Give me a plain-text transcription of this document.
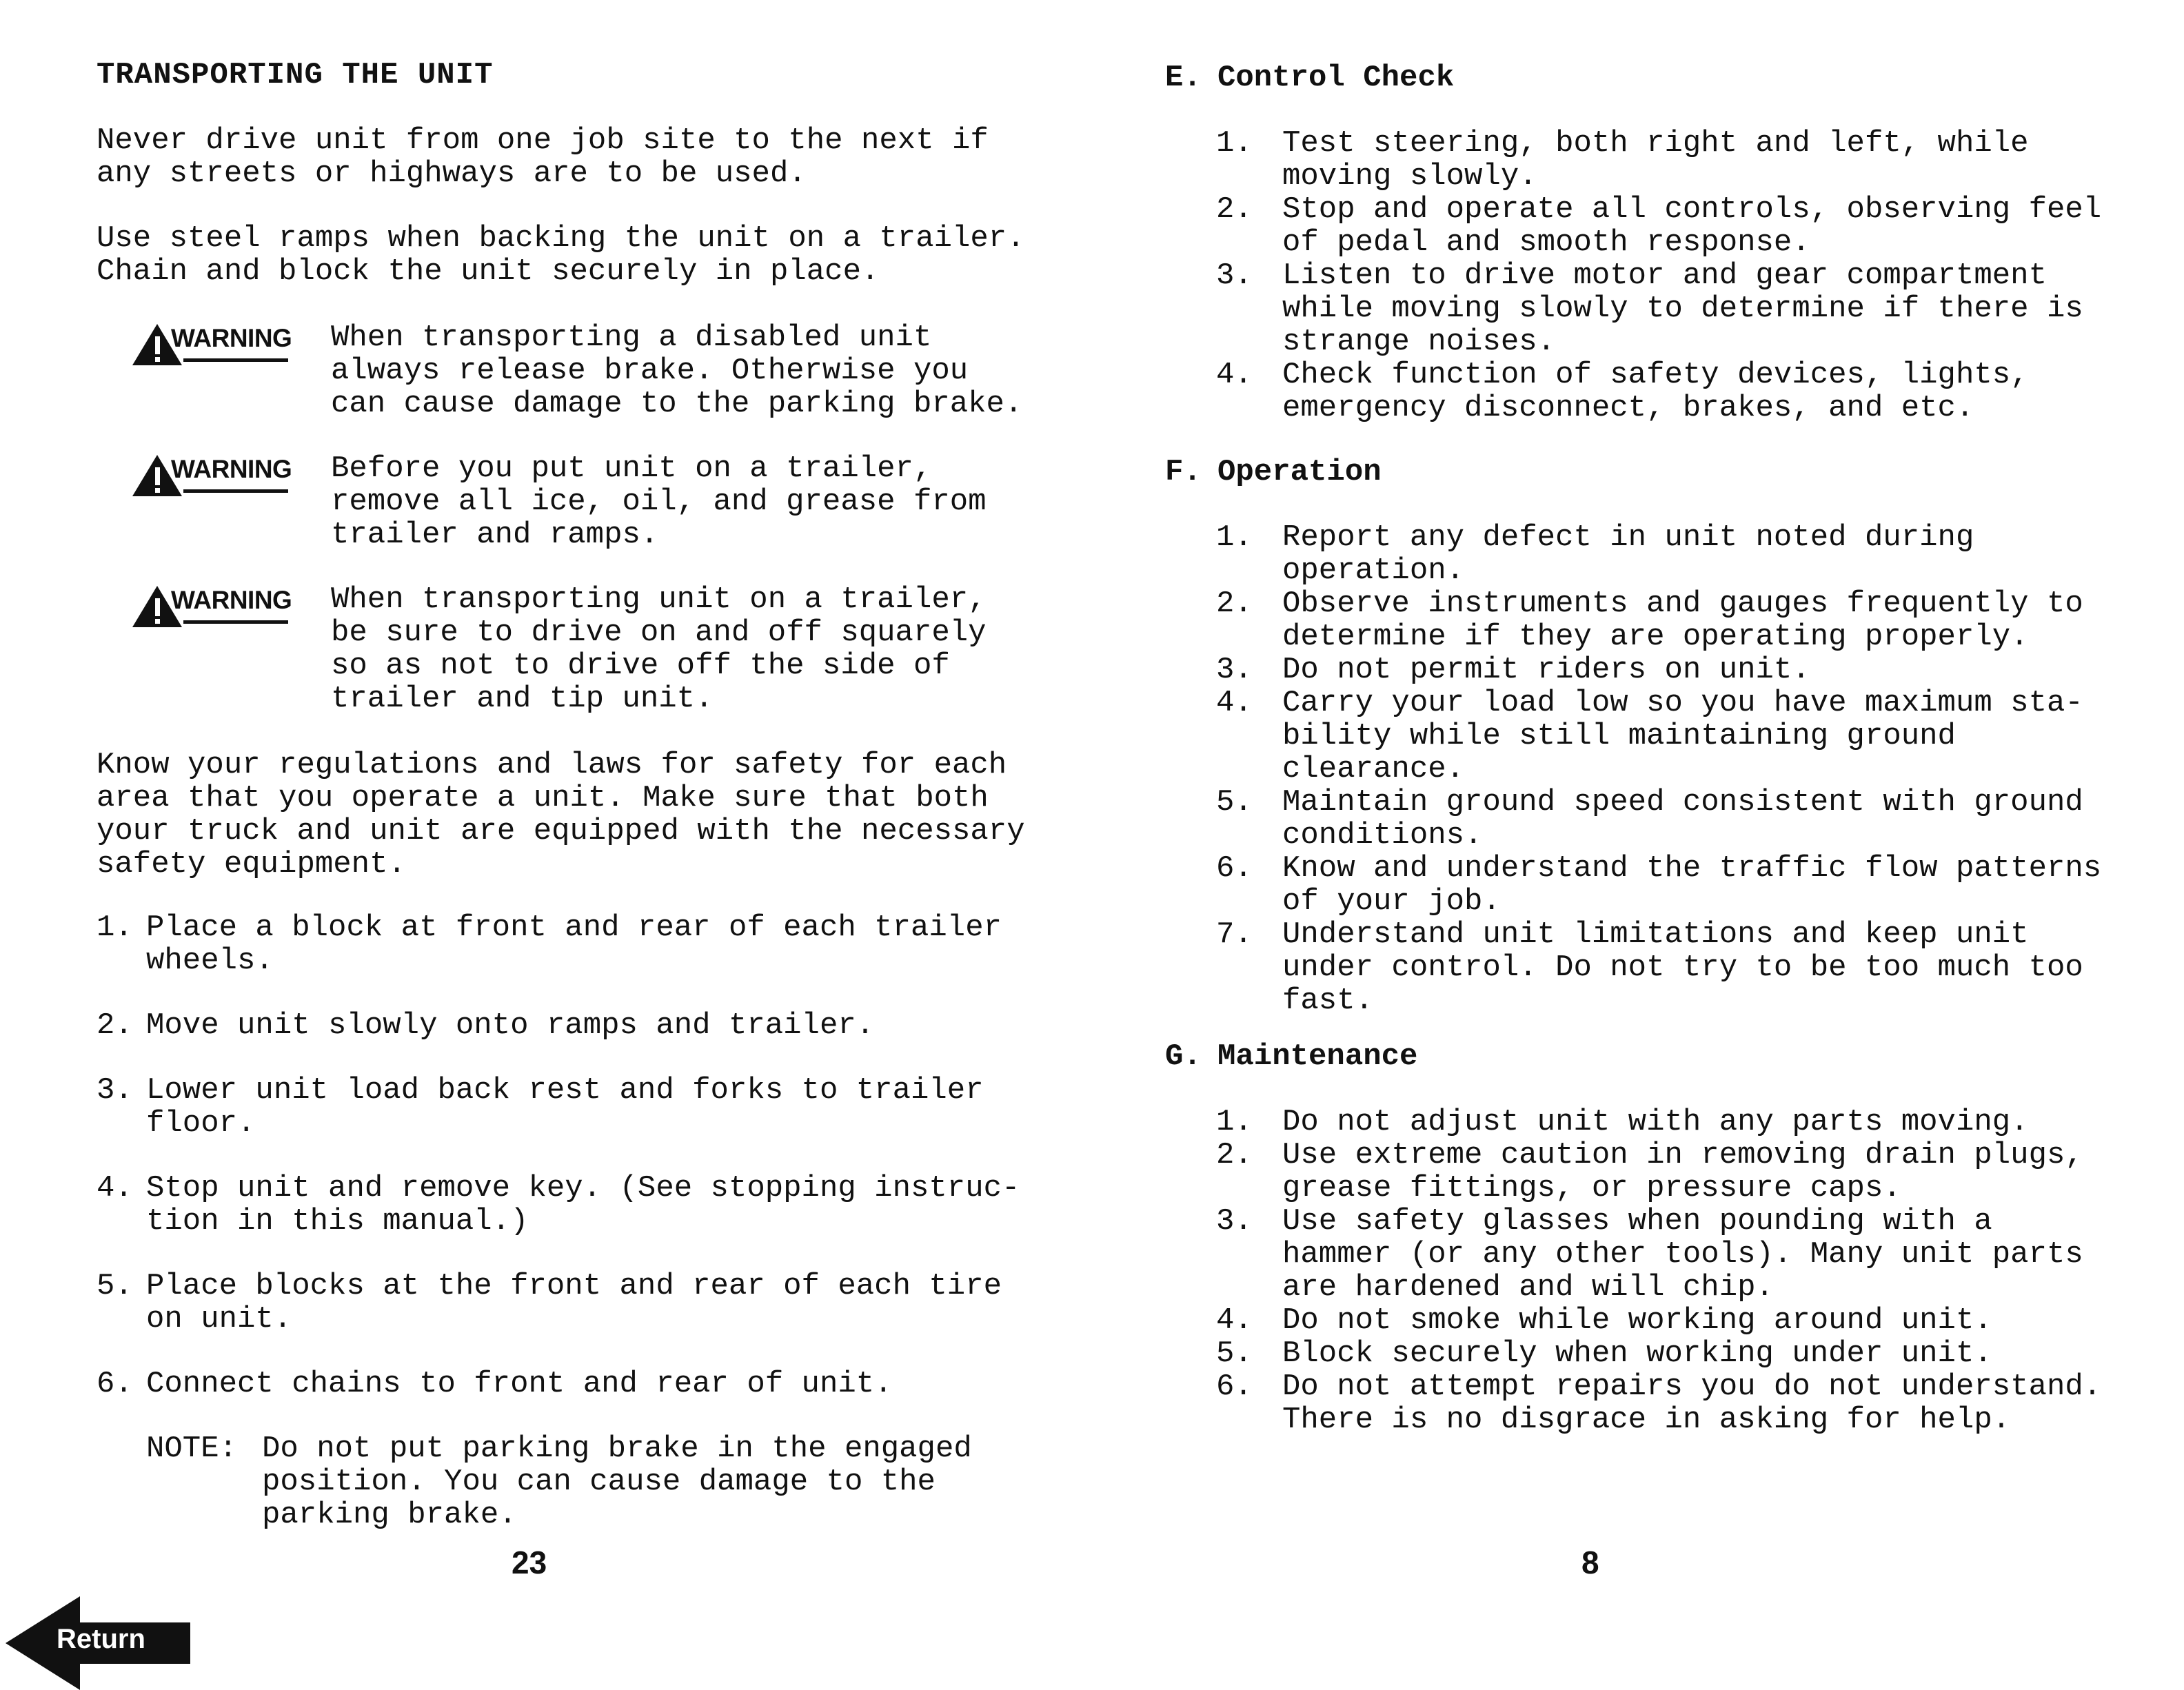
TRANSPORTING THE UNIT
Never drive unit from one job site to the next if
any streets or highways are to be used.
Use steel ramps when backing the unit on a trailer.
Chain and block the unit securely in place.
WARNING When transporting a disabled unit
always release brake. Otherwise you
can cause damage to the parking brake.
WARNING Before you put unit on a trailer,
remove all ice, oil, and grease from
trailer and ramps.
WARNING When transporting unit on a trailer,
be sure to drive on and off squarely
so as not to drive off the side of
trailer and tip unit.
Know your regulations and laws for safety for each
area that you operate a unit. Make sure that both
your truck and unit are equipped with the necessary
safety equipment.

1.

Place a block at front and rear of each trailer
wheels.

2.

Move unit slowly onto ramps and trailer.

3.

Lower unit load back rest and forks to trailer
floor.

4.

Stop unit and remove key. (See stopping instruc-
tion in this manual.)

5.

Place blocks at the front and rear of each tire
on unit.

6.

Connect chains to front and rear of unit.

NOTE:

Do not put parking brake in the engaged
position. You can cause damage to the
parking brake.

23
E. Control Check
1. Test steering, both right and left, while
moving slowly.
2. Stop and operate all controls, observing feel
of pedal and smooth response.
3. Listen to drive motor and gear compartment
while moving slowly to determine if there is
strange noises.
4. Check function of safety devices, lights,
emergency disconnect, brakes, and etc.
F. Operation
1. Report any defect in unit noted during
operation.
2. Observe instruments and gauges frequently to
determine if they are operating properly.
3. Do not permit riders on unit.
4. Carry your load low so you have maximum sta-
bility while still maintaining ground
clearance.
5. Maintain ground speed consistent with ground
conditions.
6. Know and understand the traffic flow patterns
of your job.
7. Understand unit limitations and keep unit
under control. Do not try to be too much too
fast.
G. Maintenance
1. Do not adjust unit with any parts moving.
2. Use extreme caution in removing drain plugs,
grease fittings, or pressure caps.
3. Use safety glasses when pounding with a
hammer (or any other tools). Many unit parts
are hardened and will chip.
4. Do not smoke while working around unit.
5. Block securely when working under unit.
6. Do not attempt repairs you do not understand.
There is no disgrace in asking for help.
8
Return
